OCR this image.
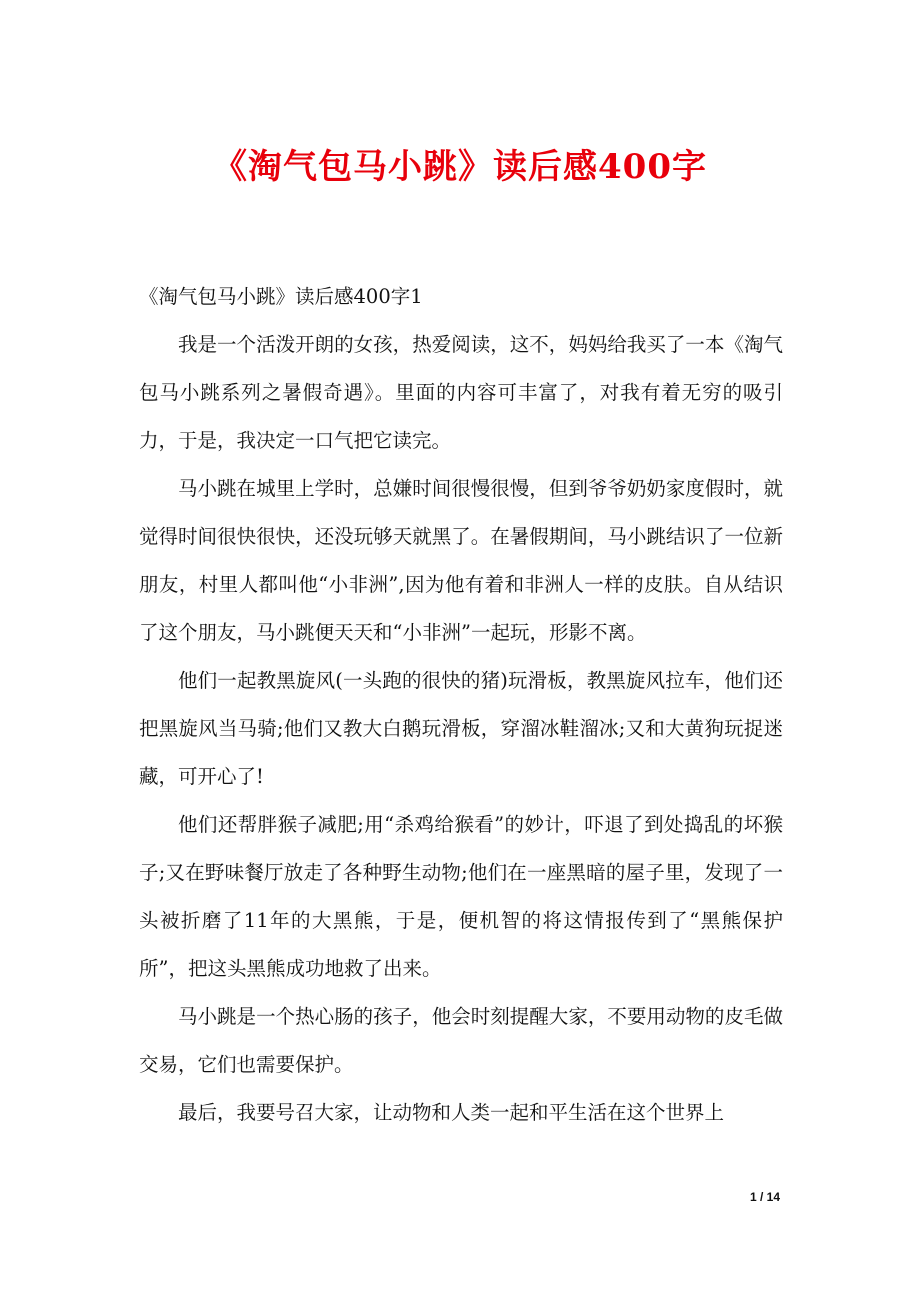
《淘气包马小跳》读后感400字

《淘气包马小跳》读后感400字1

我是一个活泼开朗的女孩，热爱阅读，这不，妈妈给我买了一本《淘气包马小跳系列之暑假奇遇》。里面的内容可丰富了，对我有着无穷的吸引力，于是，我决定一口气把它读完。

马小跳在城里上学时，总嫌时间很慢很慢，但到爷爷奶奶家度假时，就觉得时间很快很快，还没玩够天就黑了。在暑假期间，马小跳结识了一位新朋友，村里人都叫他“小非洲”,因为他有着和非洲人一样的皮肤。自从结识了这个朋友，马小跳便天天和“小非洲”一起玩，形影不离。

他们一起教黑旋风(一头跑的很快的猪)玩滑板，教黑旋风拉车，他们还把黑旋风当马骑;他们又教大白鹅玩滑板，穿溜冰鞋溜冰;又和大黄狗玩捉迷藏，可开心了!

他们还帮胖猴子减肥;用“杀鸡给猴看”的妙计，吓退了到处捣乱的坏猴子;又在野味餐厅放走了各种野生动物;他们在一座黑暗的屋子里，发现了一头被折磨了11年的大黑熊，于是，便机智的将这情报传到了“黑熊保护所”，把这头黑熊成功地救了出来。

马小跳是一个热心肠的孩子，他会时刻提醒大家，不要用动物的皮毛做交易，它们也需要保护。

最后，我要号召大家，让动物和人类一起和平生活在这个世界上

1 / 14
